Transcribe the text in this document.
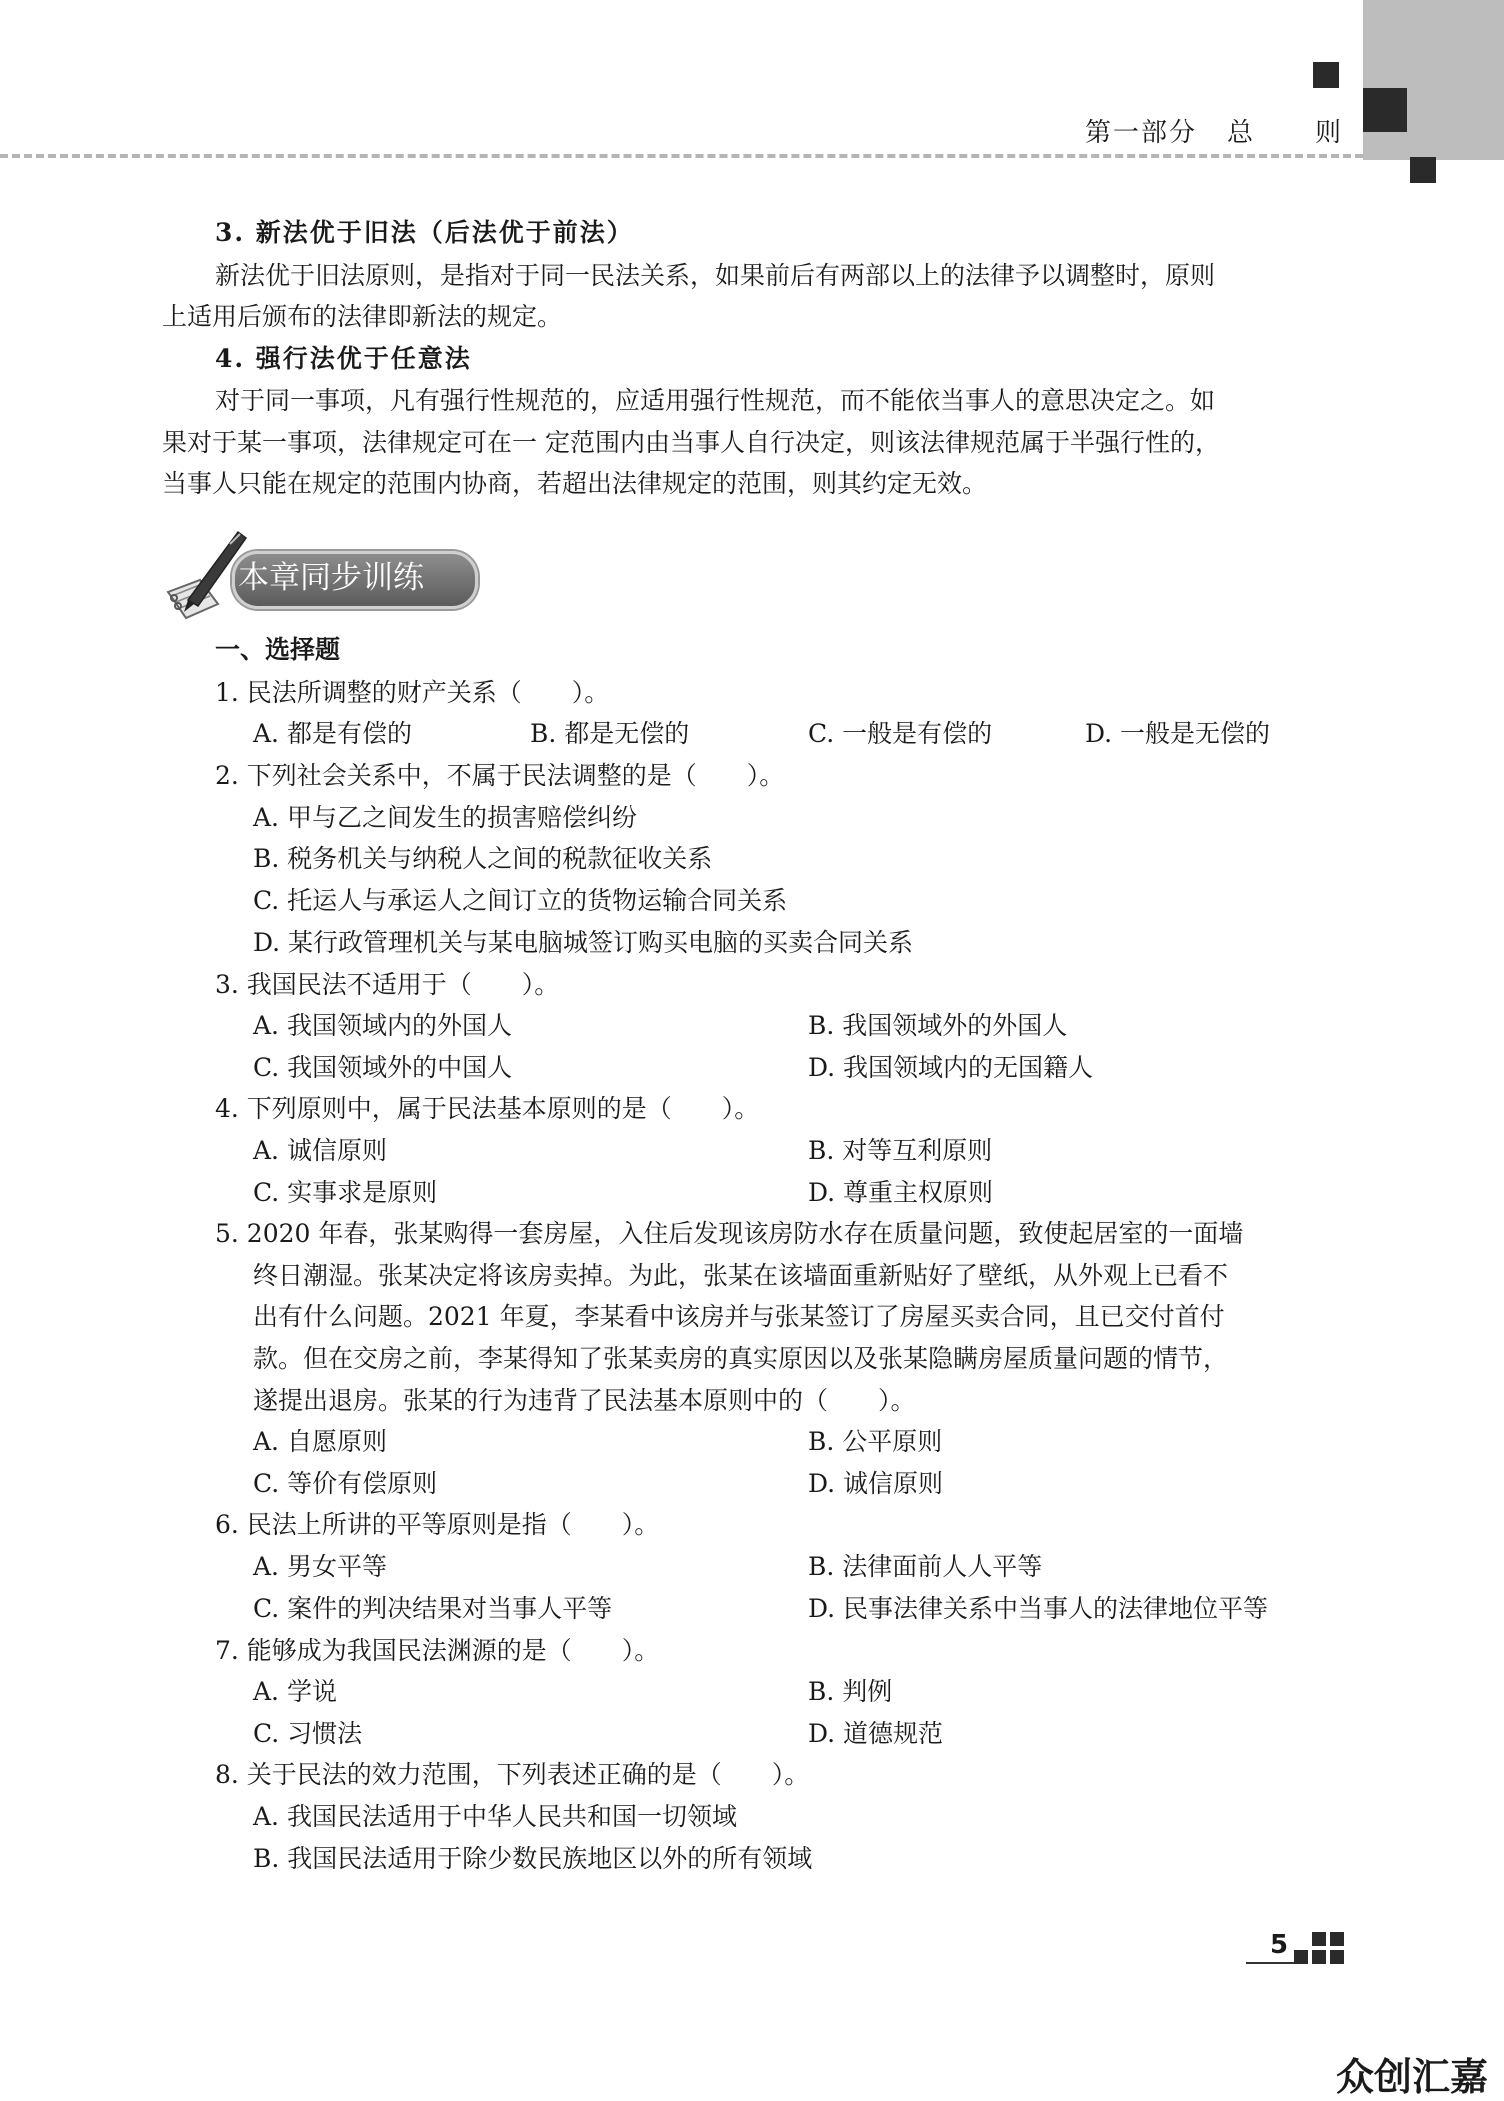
第一部分 总 则
3. 新法优于旧法（后法优于前法）
新法优于旧法原则，是指对于同一民法关系，如果前后有两部以上的法律予以调整时，原则
上适用后颁布的法律即新法的规定。
4. 强行法优于任意法
对于同一事项，凡有强行性规范的，应适用强行性规范，而不能依当事人的意思决定之。如
果对于某一事项，法律规定可在一 定范围内由当事人自行决定，则该法律规范属于半强行性的，
当事人只能在规定的范围内协商，若超出法律规定的范围，则其约定无效。
本章同步训练
一、选择题
1. 民法所调整的财产关系（　　）。
A. 都是有偿的	B. 都是无偿的	C. 一般是有偿的	D. 一般是无偿的
2. 下列社会关系中，不属于民法调整的是（　　）。
A. 甲与乙之间发生的损害赔偿纠纷
B. 税务机关与纳税人之间的税款征收关系
C. 托运人与承运人之间订立的货物运输合同关系
D. 某行政管理机关与某电脑城签订购买电脑的买卖合同关系
3. 我国民法不适用于（　　）。
A. 我国领域内的外国人	B. 我国领域外的外国人
C. 我国领域外的中国人	D. 我国领域内的无国籍人
4. 下列原则中，属于民法基本原则的是（　　）。
A. 诚信原则	B. 对等互利原则
C. 实事求是原则	D. 尊重主权原则
5. 2020 年春，张某购得一套房屋，入住后发现该房防水存在质量问题，致使起居室的一面墙
终日潮湿。张某决定将该房卖掉。为此，张某在该墙面重新贴好了壁纸，从外观上已看不
出有什么问题。2021 年夏，李某看中该房并与张某签订了房屋买卖合同，且已交付首付
款。但在交房之前，李某得知了张某卖房的真实原因以及张某隐瞒房屋质量问题的情节，
遂提出退房。张某的行为违背了民法基本原则中的（　　）。
A. 自愿原则	B. 公平原则
C. 等价有偿原则	D. 诚信原则
6. 民法上所讲的平等原则是指（　　）。
A. 男女平等	B. 法律面前人人平等
C. 案件的判决结果对当事人平等	D. 民事法律关系中当事人的法律地位平等
7. 能够成为我国民法渊源的是（　　）。
A. 学说	B. 判例
C. 习惯法	D. 道德规范
8. 关于民法的效力范围，下列表述正确的是（　　）。
A. 我国民法适用于中华人民共和国一切领域
B. 我国民法适用于除少数民族地区以外的所有领域
5
众创汇嘉
